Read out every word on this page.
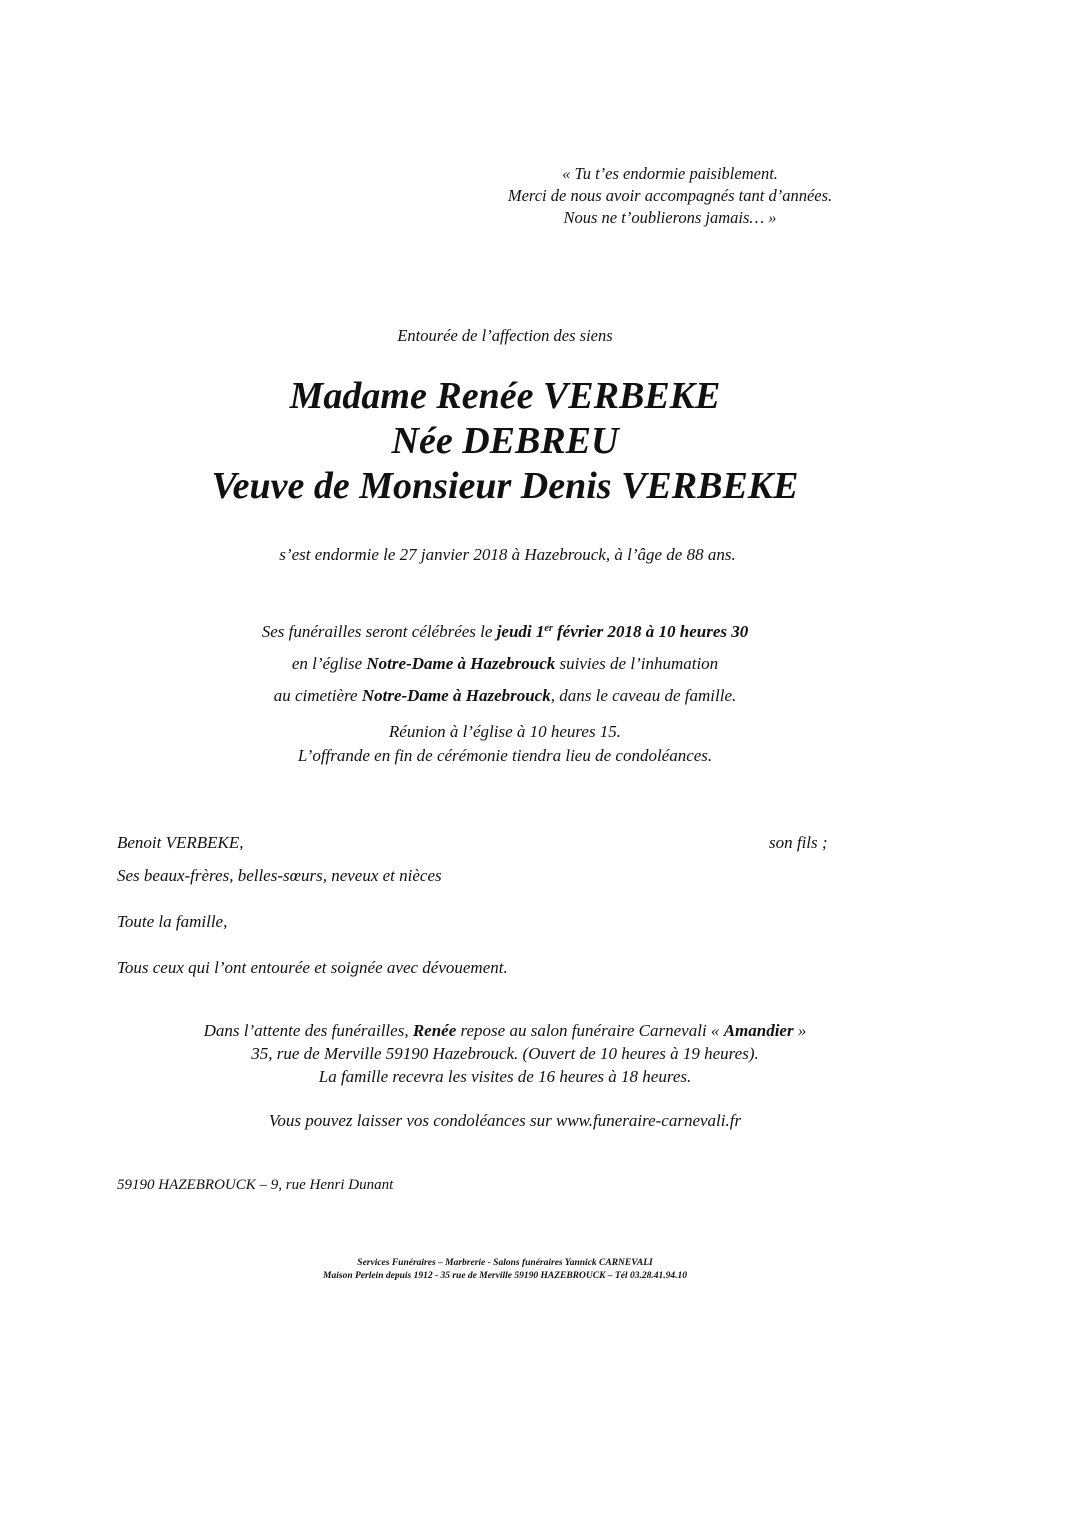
« Tu t’es endormie paisiblement.
Merci de nous avoir accompagnés tant d’années.
Nous ne t’oublierons jamais… »
Entourée de l’affection des siens
Madame Renée VERBEKE
Née DEBREU
Veuve de Monsieur Denis VERBEKE
s’est endormie le 27 janvier 2018 à Hazebrouck, à l’âge de 88 ans.
Ses funérailles seront célébrées le jeudi 1er février 2018 à 10 heures 30
en l’église Notre-Dame à Hazebrouck suivies de l’inhumation
au cimetière Notre-Dame à Hazebrouck, dans le caveau de famille.
Réunion à l’église à 10 heures 15.
L’offrande en fin de cérémonie tiendra lieu de condoléances.
Benoit VERBEKE,	son fils ;
Ses beaux-frères, belles-sœurs, neveux et nièces
Toute la famille,
Tous ceux qui l’ont entourée et soignée avec dévouement.
Dans l’attente des funérailles, Renée repose au salon funéraire Carnevali « Amandier »
35, rue de Merville 59190 Hazebrouck. (Ouvert de 10 heures à 19 heures).
La famille recevra les visites de 16 heures à 18 heures.
Vous pouvez laisser vos condoléances sur www.funeraire-carnevali.fr
59190 HAZEBROUCK – 9, rue Henri Dunant
Services Funéraires – Marbrerie - Salons funéraires Yannick CARNEVALI
Maison Perlein depuis 1912 - 35 rue de Merville 59190 HAZEBROUCK – Tél 03.28.41.94.10
